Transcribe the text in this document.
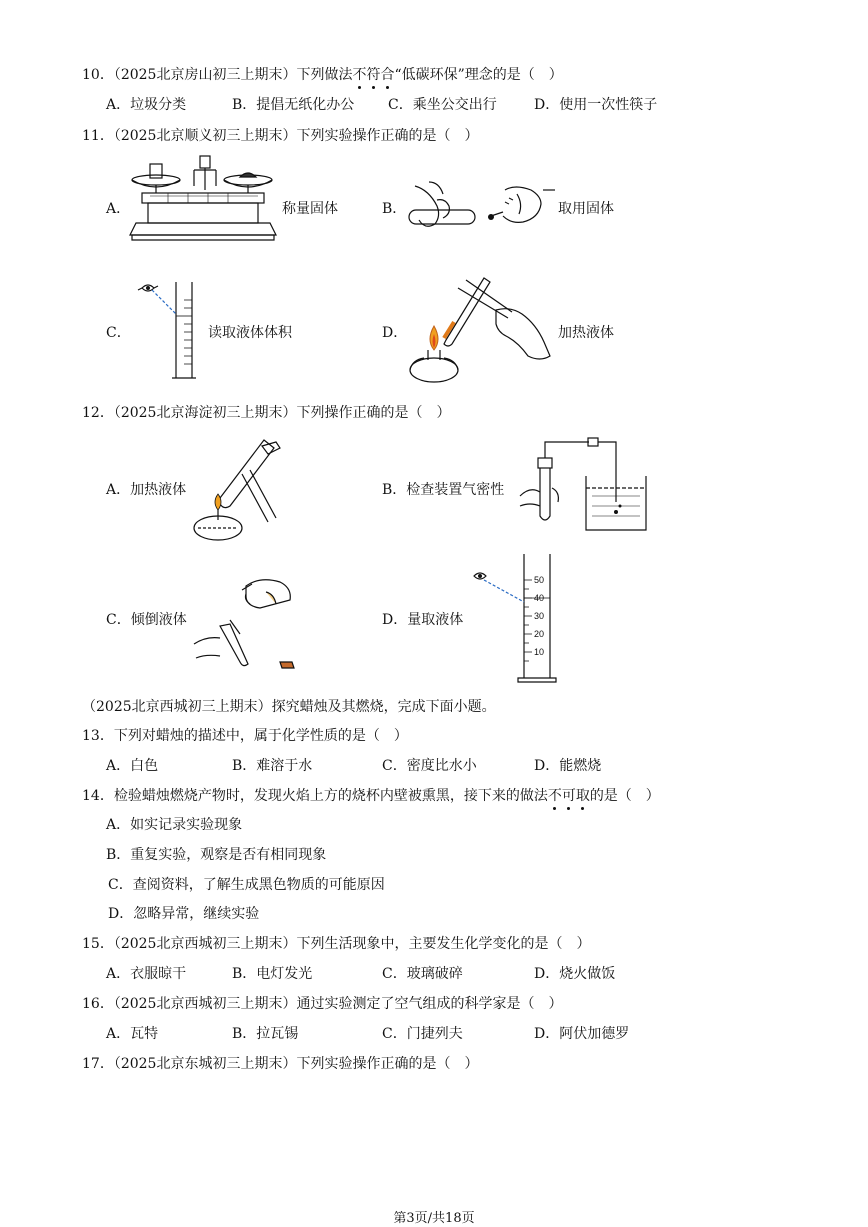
10．（2025北京房山初三上期末）下列做法不符合“低碳环保”理念的是（　）
A．垃圾分类	B．提倡无纸化办公 C．乘坐公交出行	D．使用一次性筷子
11．（2025北京顺义初三上期末）下列实验操作正确的是（　）
A．	称量固体	B．	取用固体
C．	读取液体体积	D．	加热液体
12．（2025北京海淀初三上期末）下列操作正确的是（　）
A．加热液体	B．检查装置气密性
C．倾倒液体	D．量取液体
50
40
30
20
10
（2025北京西城初三上期末）探究蜡烛及其燃烧，完成下面小题。
13．下列对蜡烛的描述中，属于化学性质的是（　）
A．白色	B．难溶于水	C．密度比水小	D．能燃烧
14．检验蜡烛燃烧产物时，发现火焰上方的烧杯内壁被熏黑，接下来的做法不可取的是（　）
A．如实记录实验现象
B．重复实验，观察是否有相同现象
C．查阅资料，了解生成黑色物质的可能原因
D．忽略异常，继续实验
15．（2025北京西城初三上期末）下列生活现象中，主要发生化学变化的是（　）
A．衣服晾干	B．电灯发光	C．玻璃破碎	D．烧火做饭
16．（2025北京西城初三上期末）通过实验测定了空气组成的科学家是（　）
A．瓦特	B．拉瓦锡	C．门捷列夫	D．阿伏加德罗
17．（2025北京东城初三上期末）下列实验操作正确的是（　）
第3页/共18页
